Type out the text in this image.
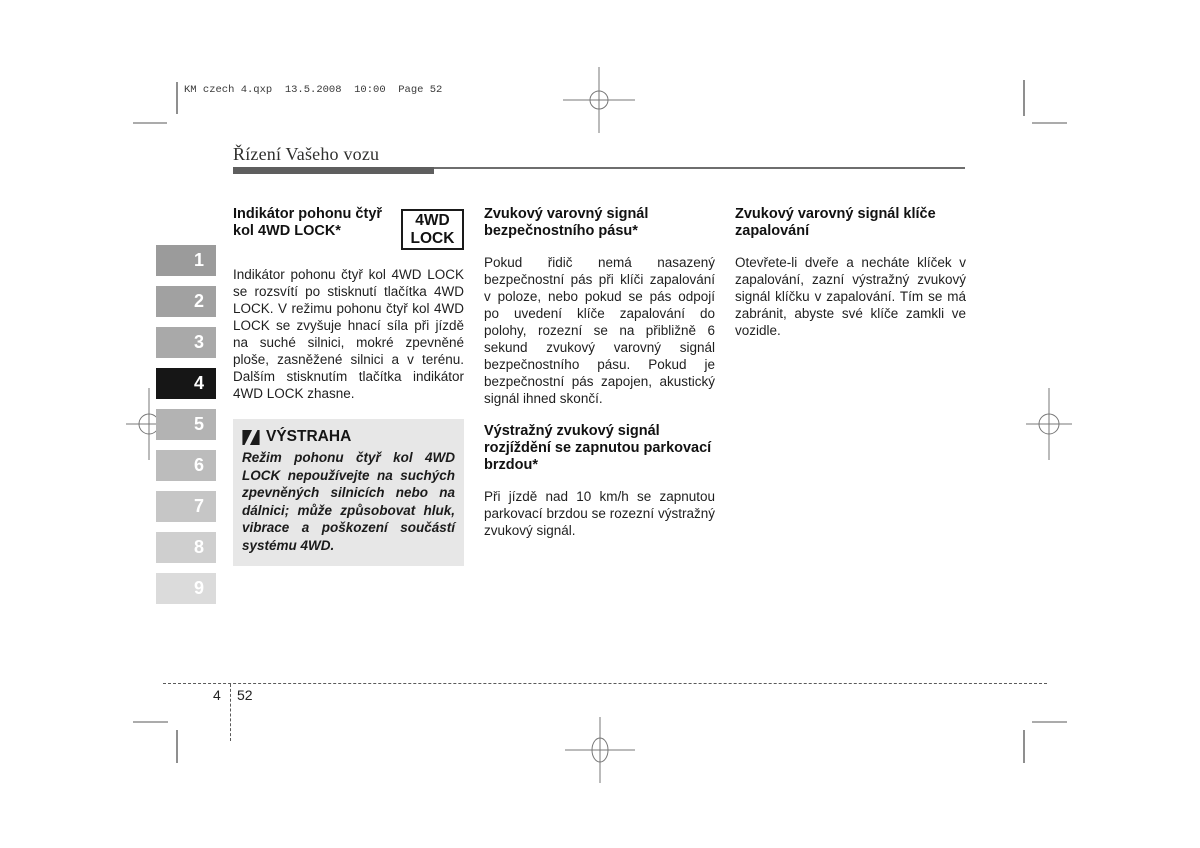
KM czech 4.qxp  13.5.2008  10:00  Page 52
Řízení Vašeho vozu
1
2
3
4
5
6
7
8
9
Indikátor pohonu čtyř kol 4WD LOCK*
4WD
LOCK

Indikátor pohonu čtyř kol 4WD LOCK se rozsvítí po stisknutí tlačítka 4WD LOCK. V režimu pohonu čtyř kol 4WD LOCK se zvyšuje hnací síla při jízdě na suché silnici, mokré zpevněné ploše, zasněžené silnici a v terénu. Dalším stisknutím tlačítka indikátor 4WD LOCK zhasne.

VÝSTRAHA

Režim pohonu čtyř kol 4WD LOCK nepoužívejte na suchých zpevněných silnicích nebo na dálnici; může způsobovat hluk, vibrace a poškození součástí systému 4WD.

Zvukový varovný signál bezpečnostního pásu*

Pokud řidič nemá nasazený bezpečnostní pás při klíči zapalování v poloze, nebo pokud se pás odpojí po uvedení klíče zapalování do polohy, rozezní se na přibližně 6 sekund zvukový varovný signál bezpečnostního pásu. Pokud je bezpečnostní pás zapojen, akustický signál ihned skončí.

Výstražný zvukový signál rozjíždění se zapnutou parkovací brzdou*

Při jízdě nad 10 km/h se zapnutou parkovací brzdou se rozezní výstražný zvukový signál.

Zvukový varovný signál klíče zapalování

Otevřete-li dveře a necháte klíček v zapalování, zazní výstražný zvukový signál klíčku v zapalování. Tím se má zabránit, abyste své klíče zamkli ve vozidle.

4 52
